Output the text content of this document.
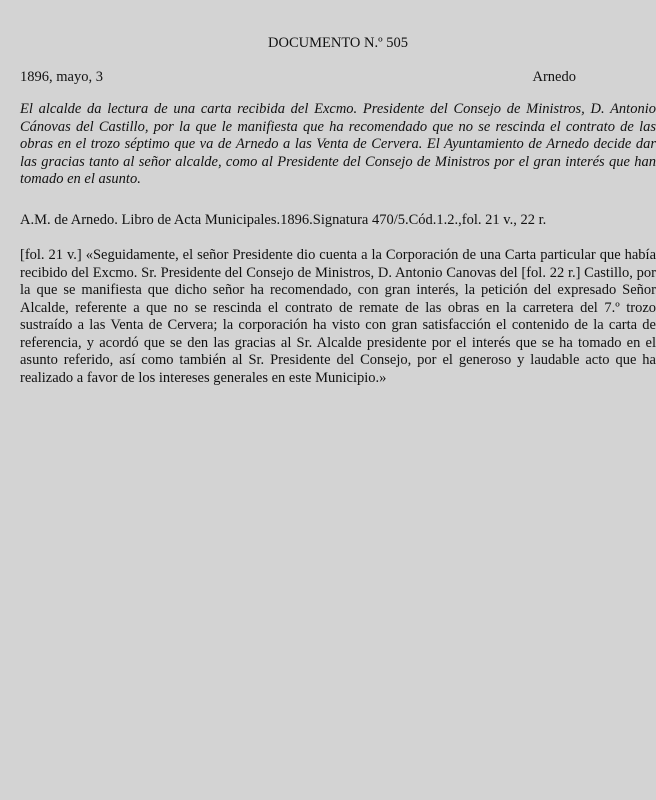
DOCUMENTO N.º 505
1896, mayo, 3	Arnedo

El alcalde da lectura de una carta recibida del Excmo. Presidente del Consejo de Ministros, D. Antonio Cánovas del Castillo, por la que le manifiesta que ha recomendado que no se rescinda el contrato de las obras en el trozo séptimo que va de Arnedo a las Venta de Cervera. El Ayuntamiento de Arnedo decide dar las gracias tanto al señor alcalde, como al Presidente del Consejo de Ministros por el gran interés que han tomado en el asunto.

A.M. de Arnedo. Libro de Acta Municipales.1896.Signatura 470/5.Cód.1.2.,fol. 21 v., 22 r.

[fol. 21 v.] «Seguidamente, el señor Presidente dio cuenta a la Corporación de una Carta particular que había recibido del Excmo. Sr. Presidente del Consejo de Ministros, D. Antonio Canovas del [fol. 22 r.] Castillo, por la que se manifiesta que dicho señor ha recomendado, con gran interés, la petición del expresado Señor Alcalde, referente a que no se rescinda el contrato de remate de las obras en la carretera del 7.º trozo sustraído a las Venta de Cervera; la corporación ha visto con gran satisfacción el contenido de la carta de referencia, y acordó que se den las gracias al Sr. Alcalde presidente por el interés que se ha tomado en el asunto referido, así como también al Sr. Presidente del Consejo, por el generoso y laudable acto que ha realizado a favor de los intereses generales en este Municipio.»
